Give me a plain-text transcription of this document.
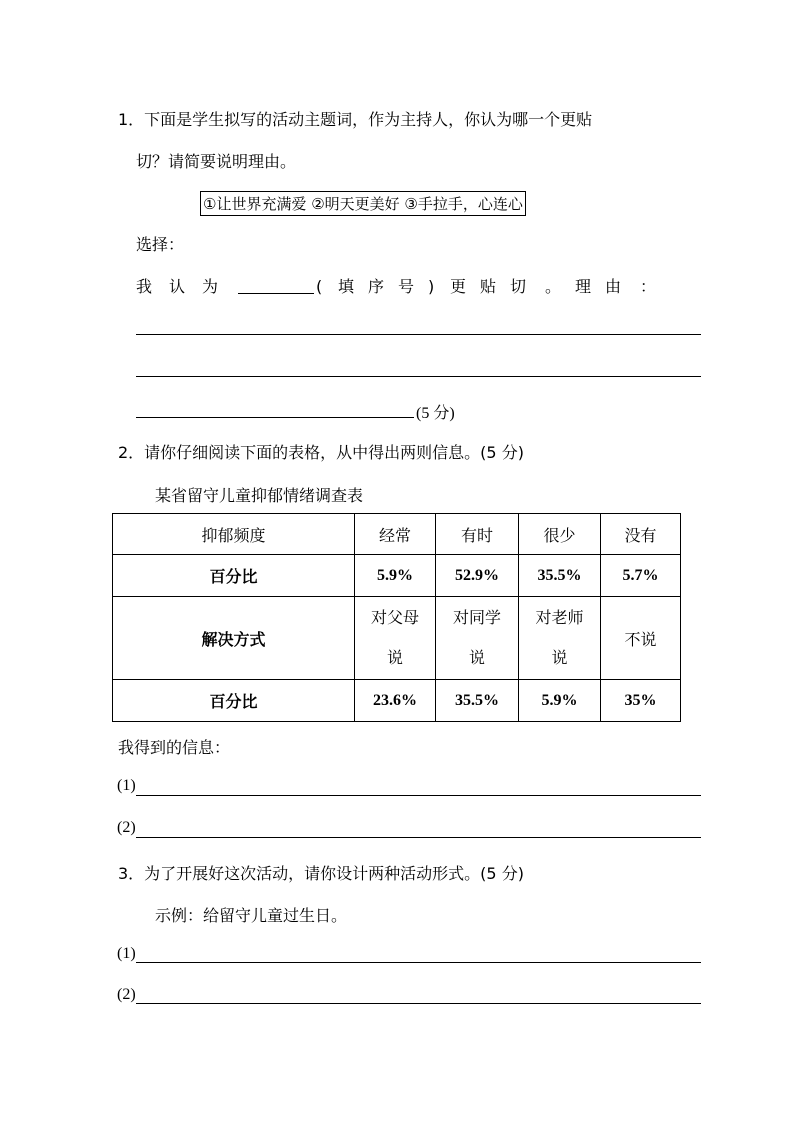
1．下面是学生拟写的活动主题词，作为主持人，你认为哪一个更贴
切？请简要说明理由。
①让世界充满爱 ②明天更美好 ③手拉手，心连心
选择：
我 认 为	( 填 序 号 ) 更 贴 切 。 理 由 ：
(5 分)
2．请你仔细阅读下面的表格，从中得出两则信息。(5 分)
某省留守儿童抑郁情绪调查表
抑郁频度	经常	有时	很少	没有
百分比	5.9%	52.9%	35.5%	5.7%
解决方式	对父母说	对同学说	对老师说	不说
百分比	23.6%	35.5%	5.9%	35%
我得到的信息：
(1)
(2)
3．为了开展好这次活动，请你设计两种活动形式。(5 分)
示例：给留守儿童过生日。
(1)
(2)
